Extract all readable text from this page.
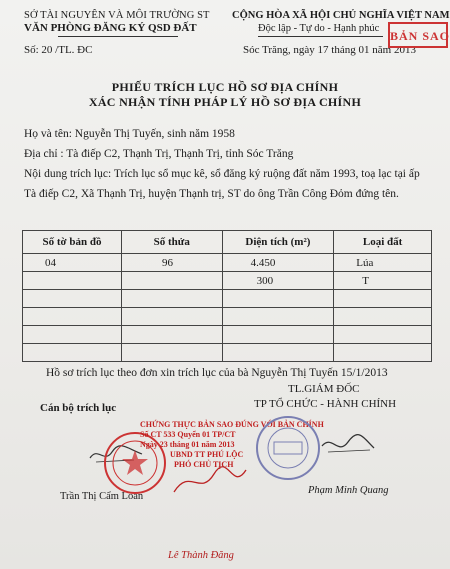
SỞ TÀI NGUYÊN VÀ MÔI TRƯỜNG ST
VĂN PHÒNG ĐĂNG KÝ QSD ĐẤT
Số: 20 /TL. ĐC
CỘNG HÒA XÃ HỘI CHỦ NGHĨA VIỆT NAM
Độc lập - Tự do - Hạnh phúc
Sóc Trăng, ngày 17 tháng 01 năm 2013
BẢN SAO
PHIẾU TRÍCH LỤC HỒ SƠ ĐỊA CHÍNH
XÁC NHẬN TÍNH PHÁP LÝ HỒ SƠ ĐỊA CHÍNH
Họ và tên: Nguyễn Thị Tuyến, sinh năm 1958
Địa chỉ : Tà điếp C2, Thạnh Trị, Thạnh Trị, tỉnh Sóc Trăng
Nội dung trích lục: Trích lục sổ mục kê, sổ đăng ký ruộng đất năm 1993, toạ lạc tại ấp
Tà điếp C2, Xã Thạnh Trị, huyện Thạnh trị, ST do ông Trần Công Đỏm đứng tên.
Số tờ bản đồ	Số thửa	Diện tích (m²)	Loại đất
04	96	4.450	Lúa
		300	T

Hồ sơ trích lục theo đơn xin trích lục của bà Nguyễn Thị Tuyến 15/1/2013
Cán bộ trích lục
TL.GIÁM ĐỐC
TP TỔ CHỨC - HÀNH CHÍNH
CHỨNG THỰC BẢN SAO ĐÚNG VỚI BẢN CHÍNH
Số CT 533 Quyển 01 TP/CT
Ngày 23 tháng 01 năm 2013
UBND TT PHÚ LỘC
PHÓ CHỦ TỊCH
Trần Thị Cẩm Loan
Phạm Minh Quang
Lê Thành Đăng
